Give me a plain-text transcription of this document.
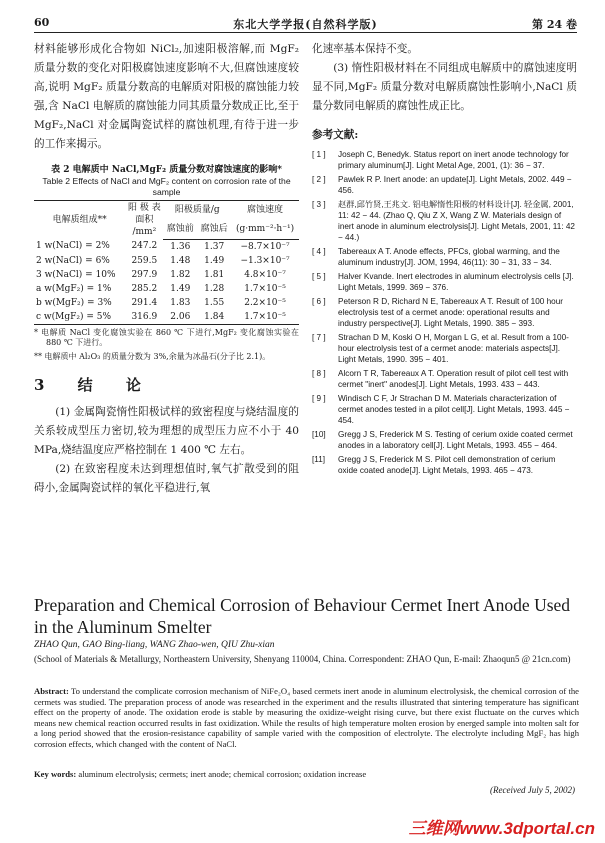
60	东北大学学报(自然科学版)	第 24 卷

材料能够形成化合物如 NiCl₂,加速阳极溶解,而 MgF₂ 质量分数的变化对阳极腐蚀速度影响不大,但腐蚀速度较高,说明 MgF₂ 质量分数高的电解质对阳极的腐蚀能力较强,含 NaCl 电解质的腐蚀能力同其质量分数成正比,至于 MgF₂,NaCl 对金属陶瓷试样的腐蚀机理,有待于进一步的工作来揭示。

表 2 电解质中 NaCl,MgF₂ 质量分数对腐蚀速度的影响*
Table 2 Effects of NaCl and MgF₂ content on corrosion rate of the sample
电解质组成**	阳 极 表面积 /mm²	阳极质量/g		腐蚀速度
		腐蚀前	腐蚀后	(g·mm⁻²·h⁻¹)
1 w(NaCl) = 2%	247.2	1.36	1.37	−8.7×10⁻⁷
2 w(NaCl) = 6%	259.5	1.48	1.49	−1.3×10⁻⁷
3 w(NaCl) = 10%	297.9	1.82	1.81	4.8×10⁻⁷
a w(MgF₂) = 1%	285.2	1.49	1.28	1.7×10⁻⁵
b w(MgF₂) = 3%	291.4	1.83	1.55	2.2×10⁻⁵
c w(MgF₂) = 5%	316.9	2.06	1.84	1.7×10⁻⁵
* 电解质 NaCl 变化腐蚀实验在 860 ℃ 下进行,MgF₂ 变化腐蚀实验在 880 ℃ 下进行。
** 电解质中 Al₂O₃ 的质量分数为 3%,余量为冰晶石(分子比 2.1)。
3 结 论

(1) 金属陶瓷惰性阳极试样的致密程度与烧结温度的关系较成型压力密切,较为理想的成型压力应不小于 40 MPa,烧结温度应严格控制在 1 400 ℃ 左右。

(2) 在致密程度未达到理想值时,氧气扩散受到的阻碍小,金属陶瓷试样的氧化平稳进行,氧

化速率基本保持不变。

(3) 惰性阳极材料在不同组成电解质中的腐蚀速度明显不同,MgF₂ 质量分数对电解质腐蚀性影响小,NaCl 质量分数同电解质的腐蚀性成正比。

参考文献:
[ 1 ] Joseph C, Benedyk. Status report on inert anode technology for primary aluminum[J]. Light Metal Age, 2001, (1): 36 − 37.
[ 2 ] Pawlek R P. Inert anode: an update[J]. Light Metals, 2002. 449 − 456.
[ 3 ] 赵群,邱竹贤,王兆文. 铝电解惰性阳极的材料设计[J]. 轻金属, 2001, 11: 42 − 44. (Zhao Q, Qiu Z X, Wang Z W. Materials design of inert anode in aluminum electrolysis[J]. Light Metals, 2001, 11: 42 − 44.)
[ 4 ] Tabereaux A T. Anode effects, PFCs, global warming, and the aluminum industry[J]. JOM, 1994, 46(11): 30 − 31, 33 − 34.
[ 5 ] Halver Kvande. Inert electrodes in aluminum electrolysis cells [J]. Light Metals, 1999. 369 − 376.
[ 6 ] Peterson R D, Richard N E, Tabereaux A T. Result of 100 hour electrolysis test of a cermet anode: operational results and industry perspective[J]. Light Metals, 1990. 385 − 393.
[ 7 ] Strachan D M, Koski O H, Morgan L G, et al. Result from a 100-hour electrolysis test of a cermet anode: materials aspects[J]. Light Metals, 1990. 395 − 401.
[ 8 ] Alcorn T R, Tabereaux A T. Operation result of pilot cell test with cermet "inert" anodes[J]. Light Metals, 1993. 433 − 443.
[ 9 ] Windisch C F, Jr Strachan D M. Materials characterization of cermet anodes tested in a pilot cell[J]. Light Metals, 1993. 445 − 454.
[10] Gregg J S, Frederick M S. Testing of cerium oxide coated cermet anodes in a laboratory cell[J]. Light Metals, 1993. 455 − 464.
[11] Gregg J S, Frederick M S. Pilot cell demonstration of cerium oxide coated anode[J]. Light Metals, 1993. 465 − 473.
Preparation and Chemical Corrosion of Behaviour Cermet Inert Anode Used in the Aluminum Smelter
ZHAO Qun, GAO Bing-liang, WANG Zhao-wen, QIU Zhu-xian
(School of Materials & Metallurgy, Northeastern University, Shenyang 110004, China. Correspondent: ZHAO Qun, E-mail: Zhaoqun5 @ 21cn.com)
Abstract: To understand the complicate corrosion mechanism of NiFe₂O₄ based cermets inert anode in aluminum electrolysisk, the chemical corrosion of the cermets was studied. The preparation process of anode was researched in the experiment and the results illustrated that sintering temperature has significant effect on the property of anode. The oxidation erode is stable by measuring the oxidize-weight rising curve, but there exist fluctuate on the curves which means new chemical reaction occurred results in fast oxidization. While the results of high temperature molten erosion by energed sample into molten salt for a long period showed that the erosion-resistance capability of sample varied with the composition of electrolyte. The electrolyte including MgF₂ has high corrosion effects, which changed with the content of NaCl.
Key words: aluminum electrolysis; cermets; inert anode; chemical corrosion; oxidation increase
(Received July 5, 2002)
三维网www.3dportal.cn
